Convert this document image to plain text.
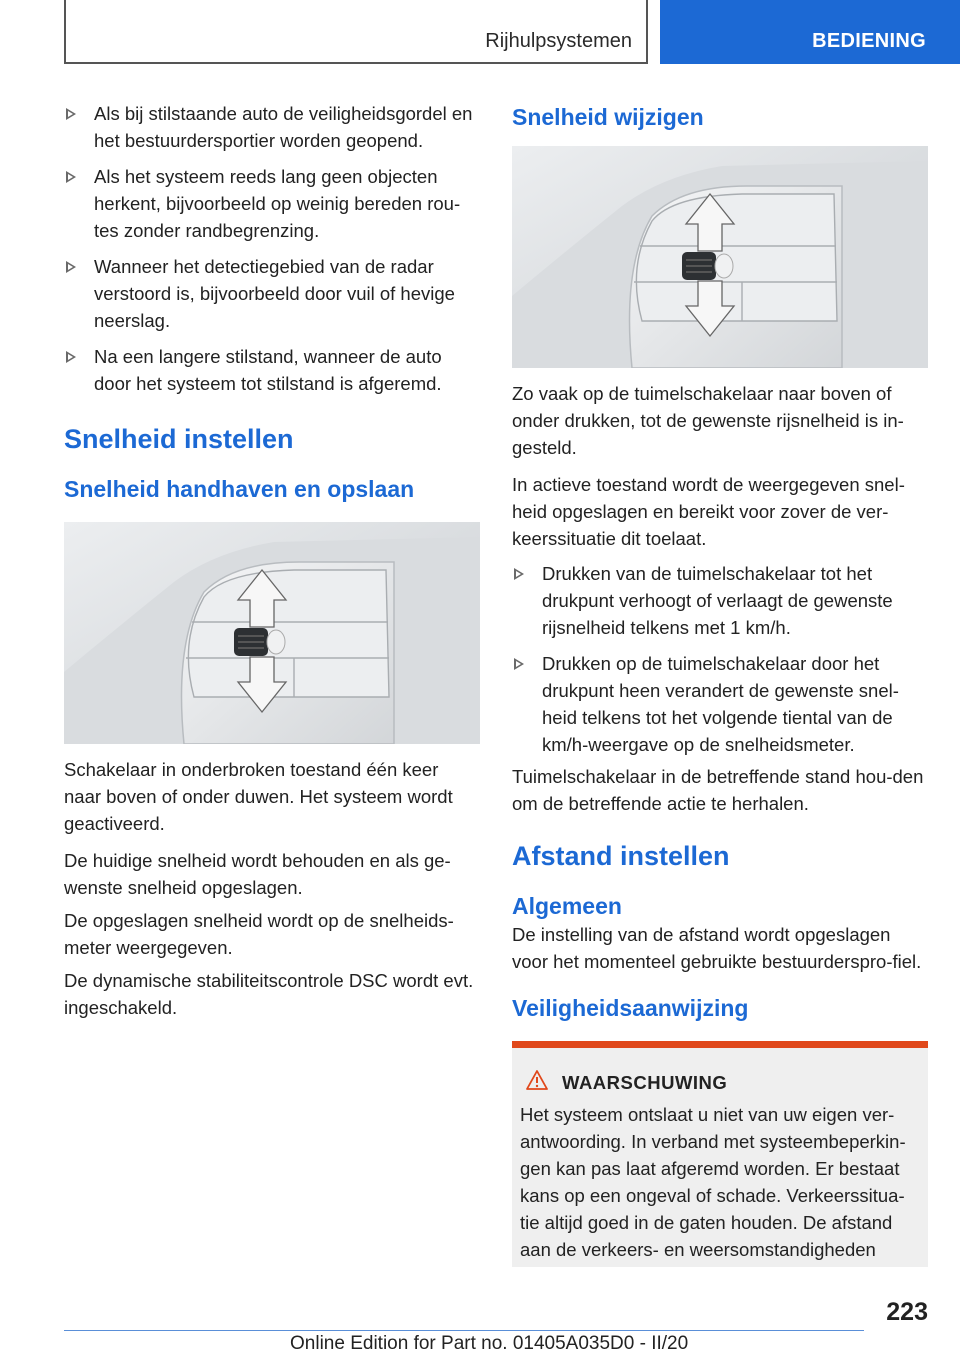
Rijhulpsystemen	BEDIENING
Als bij stilstaande auto de veiligheidsgordel en het bestuurdersportier worden geopend.
Als het systeem reeds lang geen objecten herkent, bijvoorbeeld op weinig bereden rou-tes zonder randbegrenzing.
Wanneer het detectiegebied van de radar verstoord is, bijvoorbeeld door vuil of hevige neerslag.
Na een langere stilstand, wanneer de auto door het systeem tot stilstand is afgeremd.
Snelheid instellen
Snelheid handhaven en opslaan

Schakelaar in onderbroken toestand één keer naar boven of onder duwen. Het systeem wordt geactiveerd.

De huidige snelheid wordt behouden en als ge-wenste snelheid opgeslagen.

De opgeslagen snelheid wordt op de snelheids-meter weergegeven.

De dynamische stabiliteitscontrole DSC wordt evt. ingeschakeld.

Snelheid wijzigen

Zo vaak op de tuimelschakelaar naar boven of onder drukken, tot de gewenste rijsnelheid is in-gesteld.

In actieve toestand wordt de weergegeven snel-heid opgeslagen en bereikt voor zover de ver-keerssituatie dit toelaat.

Drukken van de tuimelschakelaar tot het drukpunt verhoogt of verlaagt de gewenste rijsnelheid telkens met 1 km/h.
Drukken op de tuimelschakelaar door het drukpunt heen verandert de gewenste snel-heid telkens tot het volgende tiental van de km/h-weergave op de snelheidsmeter.

Tuimelschakelaar in de betreffende stand hou-den om de betreffende actie te herhalen.

Afstand instellen
Algemeen

De instelling van de afstand wordt opgeslagen voor het momenteel gebruikte bestuurderspro-fiel.

Veiligheidsaanwijzing
WAARSCHUWING
Het systeem ontslaat u niet van uw eigen ver-antwoording. In verband met systeembeperkin-gen kan pas laat afgeremd worden. Er bestaat kans op een ongeval of schade. Verkeerssitua-tie altijd goed in de gaten houden. De afstand aan de verkeers- en weersomstandigheden
223
Online Edition for Part no. 01405A035D0 - II/20
